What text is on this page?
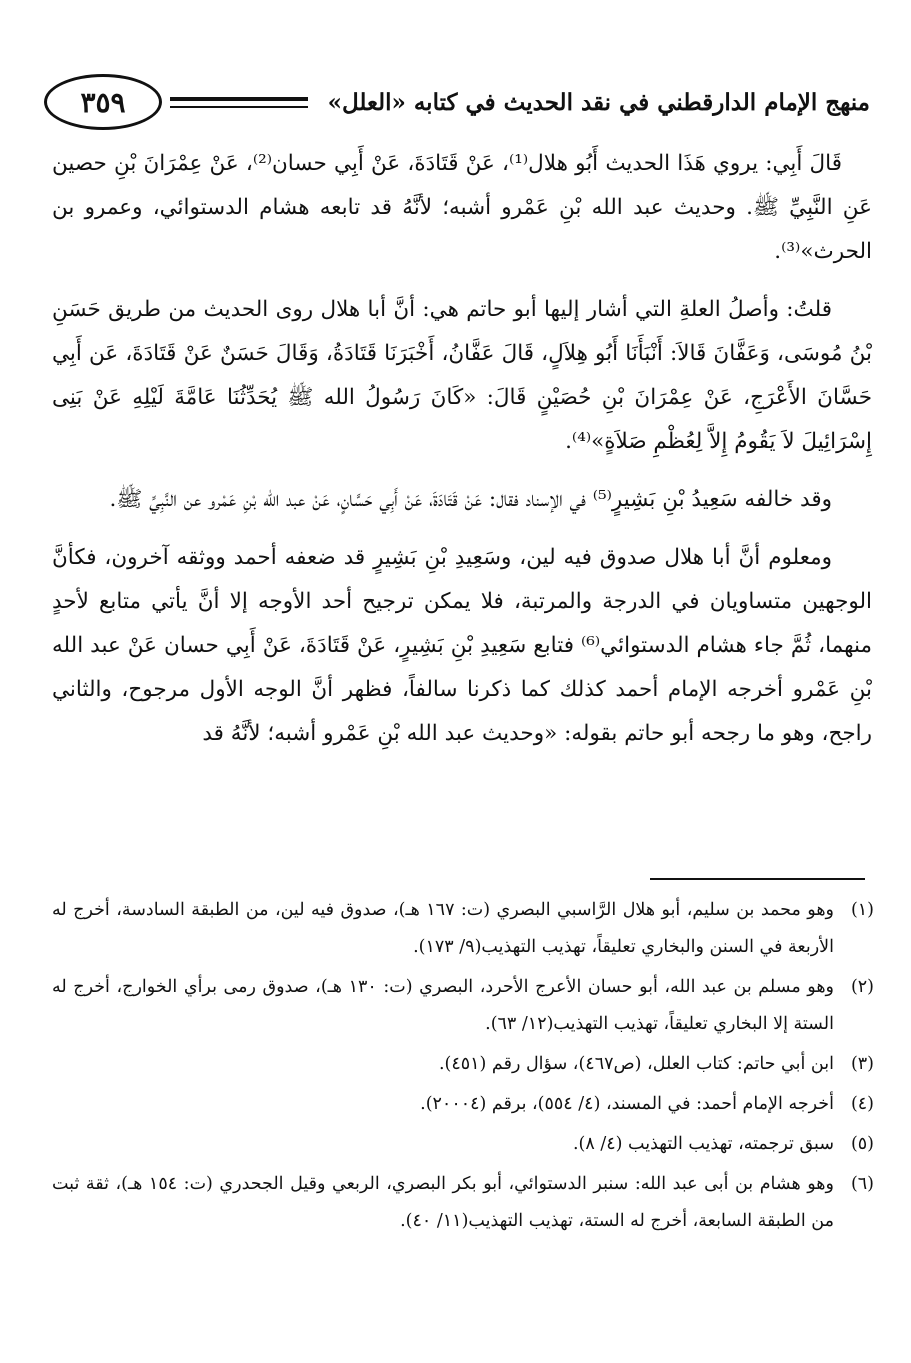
منهج الإمام الدارقطني في نقد الحديث في كتابه «العلل»
٣٥٩

قَالَ أَبِي: يروي هَذَا الحديث أَبُو هلال⁽¹⁾، عَنْ قَتَادَةَ، عَنْ أَبِي حسان⁽²⁾، عَنْ عِمْرَانَ بْنِ حصين عَنِ النَّبِيِّ ﷺ. وحديث عبد الله بْنِ عَمْرو أشبه؛ لأنَّهُ قد تابعه هشام الدستوائي، وعمرو بن الحرث»⁽³⁾.

قلتُ: وأصلُ العلةِ التي أشار إليها أبو حاتم هي: أنَّ أبا هلال روى الحديث من طريق حَسَنِ بْنُ مُوسَى، وَعَفَّانَ قَالاَ: أَنْبَأَنَا أَبُو هِلاَلٍ، قَالَ عَفَّانُ، أَخْبَرَنَا قَتَادَةُ، وَقَالَ حَسَنٌ عَنْ قَتَادَةَ، عَن أَبِي حَسَّانَ الأَعْرَجِ، عَنْ عِمْرَانَ بْنِ حُصَيْنٍ قَالَ: «كَانَ رَسُولُ الله ﷺ يُحَدِّثُنَا عَامَّةَ لَيْلِهِ عَنْ بَنِى إِسْرَائِيلَ لاَ يَقُومُ إِلاَّ لِعُظْمِ صَلاَةٍ»⁽⁴⁾.

وقد خالفه سَعِيدُ بْنِ بَشِيرٍ⁽⁵⁾ في الإسناد فقال: عَنْ قَتَادَةَ، عَنْ أَبِي حَسَّانٍ، عَنْ عبد الله بْنِ عَمْرو عن النَّبِيِّ ﷺ.

ومعلوم أنَّ أبا هلال صدوق فيه لين، وسَعِيدِ بْنِ بَشِيرٍ قد ضعفه أحمد ووثقه آخرون، فكأنَّ الوجهين متساويان في الدرجة والمرتبة، فلا يمكن ترجيح أحد الأوجه إلا أنَّ يأتي متابع لأحدٍ منهما، ثُمَّ جاء هشام الدستوائي⁽⁶⁾ فتابع سَعِيدِ بْنِ بَشِيرٍ، عَنْ قَتَادَةَ، عَنْ أَبِي حسان عَنْ عبد الله بْنِ عَمْرو أخرجه الإمام أحمد كذلك كما ذكرنا سالفاً، فظهر أنَّ الوجه الأول مرجوح، والثاني راجح، وهو ما رجحه أبو حاتم بقوله: «وحديث عبد الله بْنِ عَمْرو أشبه؛ لأنَّهُ قد

(١)
وهو محمد بن سليم، أبو هلال الرَّاسبي البصري (ت: ١٦٧ هـ)، صدوق فيه لين، من الطبقة السادسة، أخرج له الأربعة في السنن والبخاري تعليقاً، تهذيب التهذيب(٩/ ١٧٣).
(٢)
وهو مسلم بن عبد الله، أبو حسان الأعرج الأحرد، البصري (ت: ١٣٠ هـ)، صدوق رمى برأي الخوارج، أخرج له الستة إلا البخاري تعليقاً، تهذيب التهذيب(١٢/ ٦٣).
(٣)
ابن أبي حاتم: كتاب العلل، (ص٤٦٧)، سؤال رقم (٤٥١).
(٤)
أخرجه الإمام أحمد: في المسند، (٤/ ٥٥٤)، برقم (٢٠٠٠٤).
(٥)
سبق ترجمته، تهذيب التهذيب (٤/ ٨).
(٦)
وهو هشام بن أبى عبد الله: سنبر الدستوائي، أبو بكر البصري، الربعي وقيل الجحدري (ت: ١٥٤ هـ)، ثقة ثبت من الطبقة السابعة، أخرج له الستة، تهذيب التهذيب(١١/ ٤٠).
